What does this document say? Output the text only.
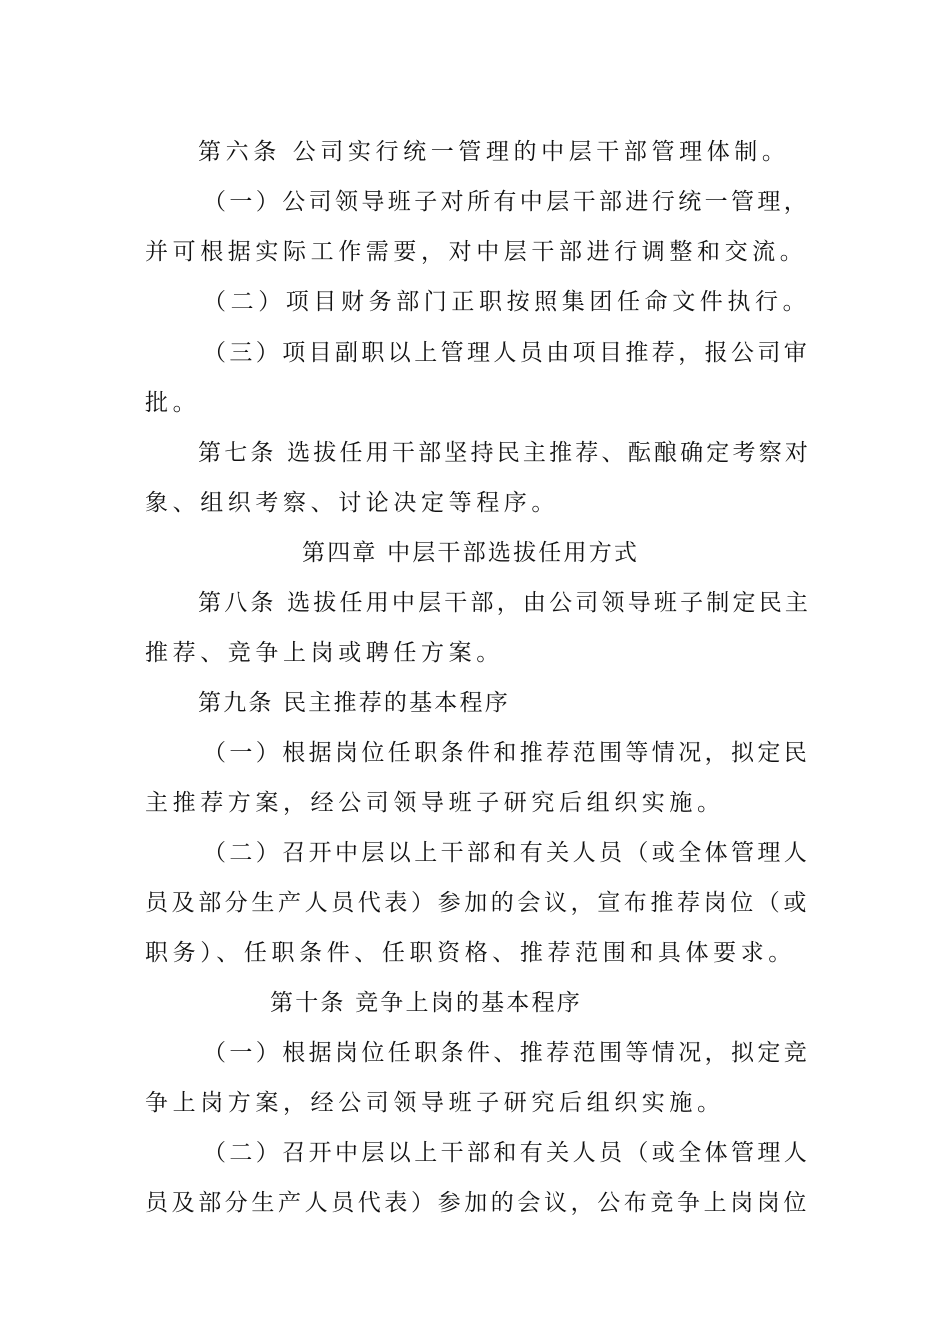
第六条 公司实行统一管理的中层干部管理体制。
（一）公司领导班子对所有中层干部进行统一管理，
并可根据实际工作需要，对中层干部进行调整和交流。
（二）项目财务部门正职按照集团任命文件执行。
（三）项目副职以上管理人员由项目推荐，报公司审
批。
第七条 选拔任用干部坚持民主推荐、酝酿确定考察对
象、组织考察、讨论决定等程序。
第四章 中层干部选拔任用方式
第八条 选拔任用中层干部，由公司领导班子制定民主
推荐、竞争上岗或聘任方案。
第九条 民主推荐的基本程序
（一）根据岗位任职条件和推荐范围等情况，拟定民
主推荐方案，经公司领导班子研究后组织实施。
（二）召开中层以上干部和有关人员（或全体管理人
员及部分生产人员代表）参加的会议，宣布推荐岗位（或
职务）、任职条件、任职资格、推荐范围和具体要求。
第十条 竞争上岗的基本程序
（一）根据岗位任职条件、推荐范围等情况，拟定竞
争上岗方案，经公司领导班子研究后组织实施。
（二）召开中层以上干部和有关人员（或全体管理人
员及部分生产人员代表）参加的会议，公布竞争上岗岗位
